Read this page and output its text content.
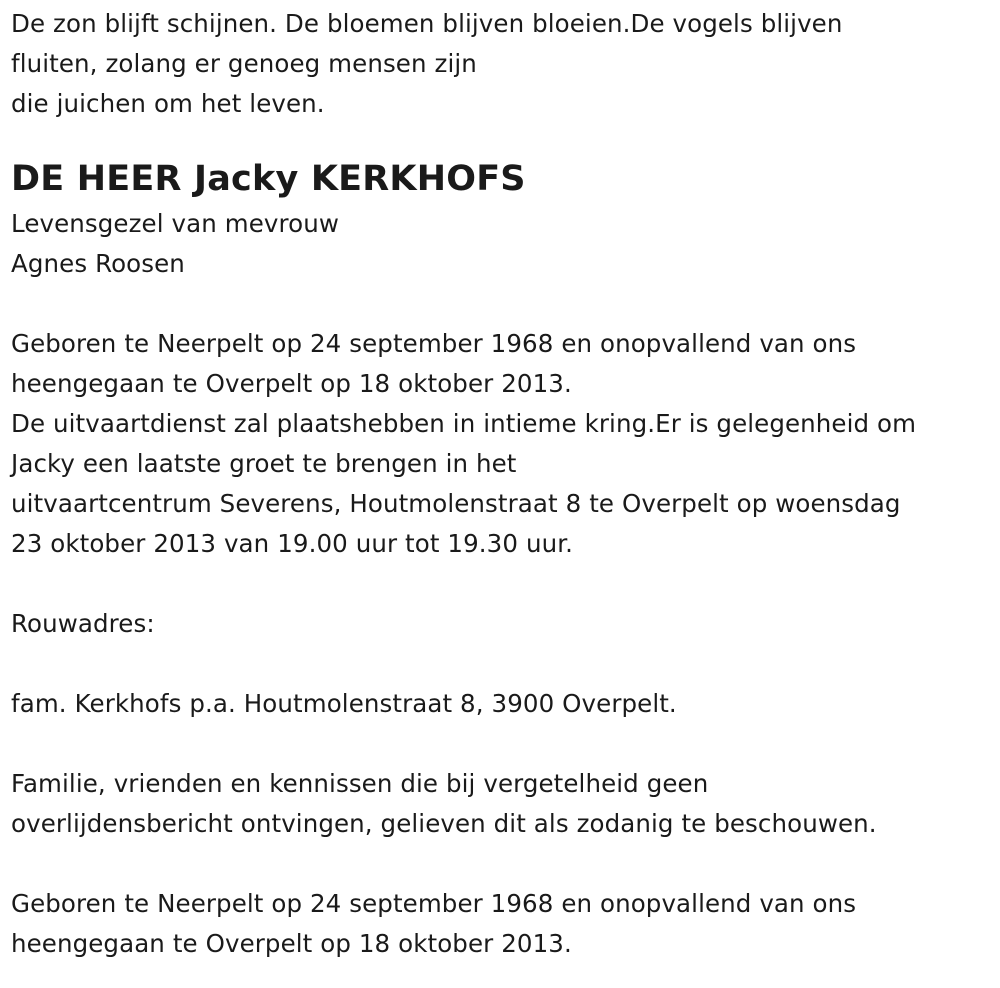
De zon blijft schijnen. De bloemen blijven bloeien.De vogels blijven
fluiten, zolang er genoeg mensen zijn
die juichen om het leven.
DE HEER Jacky KERKHOFS
Levensgezel van mevrouw
Agnes Roosen
Geboren te Neerpelt op 24 september 1968 en onopvallend van ons
heengegaan te Overpelt op 18 oktober 2013.
De uitvaartdienst zal plaatshebben in intieme kring.Er is gelegenheid om
Jacky een laatste groet te brengen in het
uitvaartcentrum Severens, Houtmolenstraat 8 te Overpelt op woensdag
23 oktober 2013 van 19.00 uur tot 19.30 uur.
Rouwadres:
fam. Kerkhofs p.a. Houtmolenstraat 8, 3900 Overpelt.
Familie, vrienden en kennissen die bij vergetelheid geen
overlijdensbericht ontvingen, gelieven dit als zodanig te beschouwen.
Geboren te Neerpelt op 24 september 1968 en onopvallend van ons
heengegaan te Overpelt op 18 oktober 2013.
